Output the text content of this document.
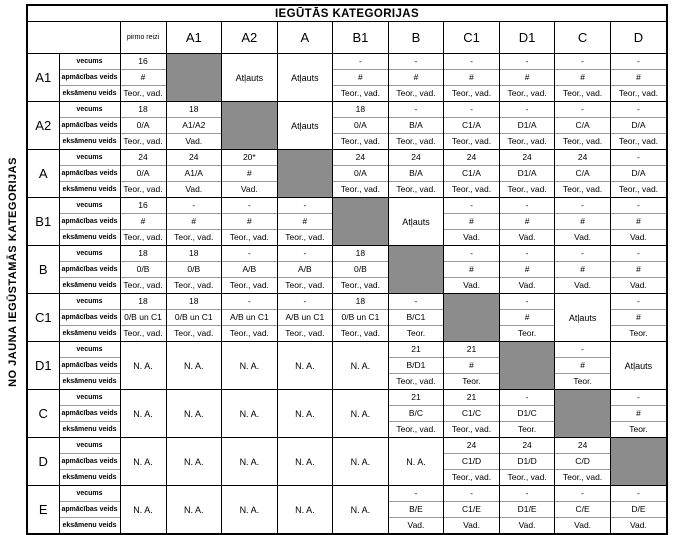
NO JAUNA IEGŪSTAMĀS KATEGORIJAS
IEGŪTĀS KATEGORIJAS
		pirmo reizi	A1	A2	A	B1	B	C1	D1	C	D
A1	vecums	16		Atļauts	Atļauts	-	-	-	-	-	-
	apmācības veids	#				#	#	#	#	#	#
	eksāmenu veids	Teor., vad.				Teor., vad.	Teor., vad.	Teor., vad.	Teor., vad.	Teor., vad.	Teor., vad.
A2	vecums	18	18		Atļauts	18	-	-	-	-	-
	apmācības veids	0/A	A1/A2			0/A	B/A	C1/A	D1/A	C/A	D/A
	eksāmenu veids	Teor., vad.	Vad.			Teor., vad.	Teor., vad.	Teor., vad.	Teor., vad.	Teor., vad.	Teor., vad.
A	vecums	24	24	20*		24	24	24	24	24	-
	apmācības veids	0/A	A1/A	#		0/A	B/A	C1/A	D1/A	C/A	D/A
	eksāmenu veids	Teor., vad.	Vad.	Vad.		Teor., vad.	Teor., vad.	Teor., vad.	Teor., vad.	Teor., vad.	Teor., vad.
B1	vecums	16	-	-	-		Atļauts	-	-	-	-
	apmācības veids	#	#	#	#			#	#	#	#
	eksāmenu veids	Teor., vad.	Teor., vad.	Teor., vad.	Teor., vad.			Vad.	Vad.	Vad.	Vad.
B	vecums	18	18	-	-	18		-	-	-	-
	apmācības veids	0/B	0/B	A/B	A/B	0/B		#	#	#	#
	eksāmenu veids	Teor., vad.	Teor., vad.	Teor., vad.	Teor., vad.	Teor., vad.		Vad.	Vad.	Vad.	Vad.
C1	vecums	18	18	-	-	18	-		-	Atļauts	-
	apmācības veids	0/B un C1	0/B un C1	A/B un C1	A/B un C1	0/B un C1	B/C1		#		#
	eksāmenu veids	Teor., vad.	Teor., vad.	Teor., vad.	Teor., vad.	Teor., vad.	Teor.		Teor.		Teor.
D1	vecums	N. A.	N. A.	N. A.	N. A.	N. A.	21	21		-	Atļauts
	apmācības veids						B/D1	#		#	
	eksāmenu veids						Teor., vad.	Teor.		Teor.	
C	vecums	N. A.	N. A.	N. A.	N. A.	N. A.	21	21	-		-
	apmācības veids						B/C	C1/C	D1/C		#
	eksāmenu veids						Teor., vad.	Teor., vad.	Teor.		Teor.
D	vecums	N. A.	N. A.	N. A.	N. A.	N. A.	N. A.	24	24	24	
	apmācības veids							C1/D	D1/D	C/D	
	eksāmenu veids							Teor., vad.	Teor., vad.	Teor., vad.	
E	vecums	N. A.	N. A.	N. A.	N. A.	N. A.	-	-	-	-	-
	apmācības veids						B/E	C1/E	D1/E	C/E	D/E
	eksāmenu veids						Vad.	Vad.	Vad.	Vad.	Vad.
